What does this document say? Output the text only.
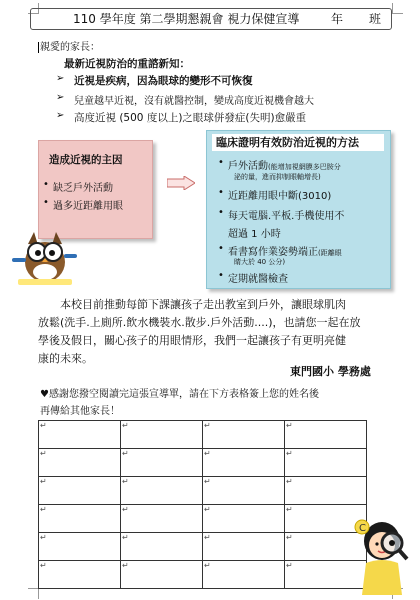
110 學年度 第二學期懇親會 視力保健宣導	年 班
親愛的家長：
最新近視防治的重諮新知：
➢ 近視是疾病，因為眼球的變形不可恢復
➢ 兒童越早近視，沒有就醫控制，變成高度近視機會越大
➢ 高度近視 (500 度以上)之眼球併發症(失明)愈嚴重
造成近視的主因
• 缺乏戶外活動
• 過多近距離用眼
臨床證明有效防治近視的方法
• 戶外活動(能增加視網膜多巴胺分
泌的量，進而抑制眼軸增長)
• 近距離用眼中斷(3010)
• 每天電腦.平板.手機使用不
超過 1 小時
• 看書寫作業姿勢端正(距離眼
睛大於 40 公分)
• 定期就醫檢查
本校目前推動每節下課讓孩子走出教室到戶外，讓眼球肌肉
放鬆(洗手.上廁所.飲水機裝水.散步.戶外活動....)，也請您一起在放
學後及假日，關心孩子的用眼情形，我們一起讓孩子有更明亮健
康的未來。
東門國小 學務處
♥感謝您撥空閱讀完這張宣導單，請在下方表格簽上您的姓名後
再傳給其他家長！
↵	↵	↵	↵
↵	↵	↵	↵
↵	↵	↵	↵
↵	↵	↵	↵
↵	↵	↵	↵
↵	↵	↵	↵
C
